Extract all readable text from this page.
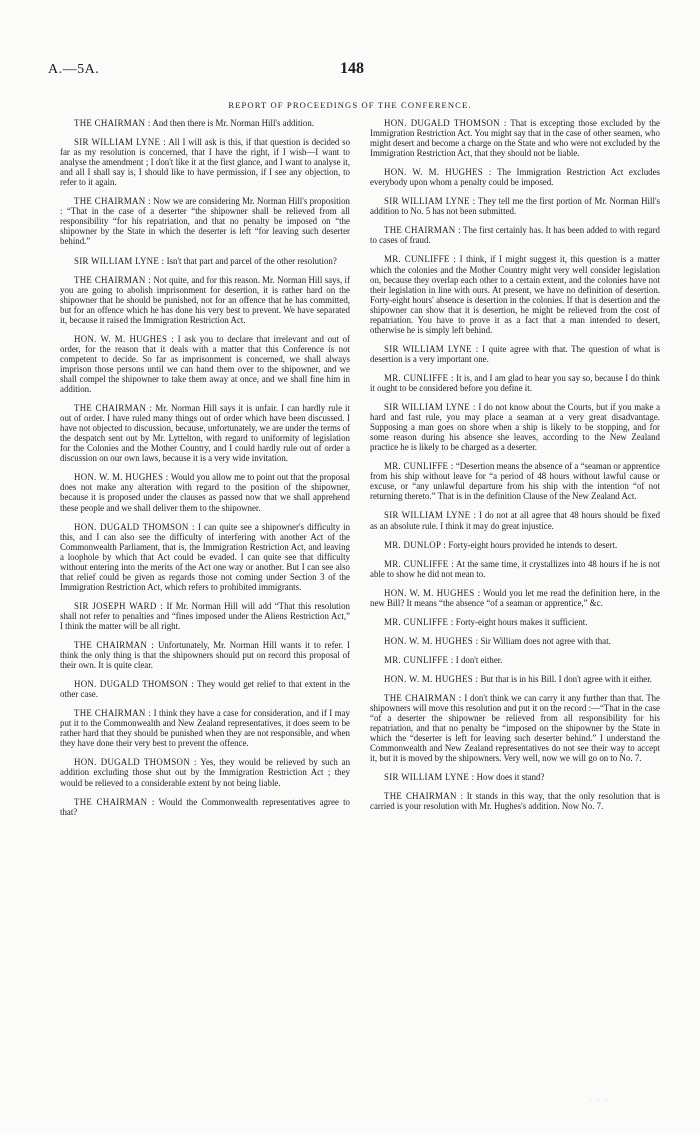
A.—5A.	148
REPORT OF PROCEEDINGS OF THE CONFERENCE.

THE CHAIRMAN : And then there is Mr. Norman Hill's addition.

SIR WILLIAM LYNE : All I will ask is this, if that question is decided so far as my resolution is concerned, that I have the right, if I wish—I want to analyse the amendment ; I don't like it at the first glance, and I want to analyse it, and all I shall say is, I should like to have permission, if I see any objection, to refer to it again.

THE CHAIRMAN : Now we are considering Mr. Norman Hill's proposition : “That in the case of a deserter “the shipowner shall be relieved from all responsibility “for his repatriation, and that no penalty be imposed on “the shipowner by the State in which the deserter is left “for leaving such deserter behind.”

SIR WILLIAM LYNE : Isn't that part and parcel of the other resolution?

THE CHAIRMAN : Not quite, and for this reason. Mr. Norman Hill says, if you are going to abolish imprisonment for desertion, it is rather hard on the shipowner that he should be punished, not for an offence that he has committed, but for an offence which he has done his very best to prevent. We have separated it, because it raised the Immigration Restriction Act.

HON. W. M. HUGHES : I ask you to declare that irrelevant and out of order, for the reason that it deals with a matter that this Conference is not competent to decide. So far as imprisonment is concerned, we shall always imprison those persons until we can hand them over to the shipowner, and we shall compel the shipowner to take them away at once, and we shall fine him in addition.

THE CHAIRMAN : Mr. Norman Hill says it is unfair. I can hardly rule it out of order. I have ruled many things out of order which have been discussed. I have not objected to discussion, because, unfortunately, we are under the terms of the despatch sent out by Mr. Lyttelton, with regard to uniformity of legislation for the Colonies and the Mother Country, and I could hardly rule out of order a discussion on our own laws, because it is a very wide invitation.

HON. W. M. HUGHES : Would you allow me to point out that the proposal does not make any alteration with regard to the position of the shipowner, because it is proposed under the clauses as passed now that we shall apprehend these people and we shall deliver them to the shipowner.

HON. DUGALD THOMSON : I can quite see a shipowner's difficulty in this, and I can also see the difficulty of interfering with another Act of the Commonwealth Parliament, that is, the Immigration Restriction Act, and leaving a loophole by which that Act could be evaded. I can quite see that difficulty without entering into the merits of the Act one way or another. But I can see also that relief could be given as regards those not coming under Section 3 of the Immigration Restriction Act, which refers to prohibited immigrants.

SIR JOSEPH WARD : If Mr. Norman Hill will add “That this resolution shall not refer to penalties and “fines imposed under the Aliens Restriction Act,” I think the matter will be all right.

THE CHAIRMAN : Unfortunately, Mr. Norman Hill wants it to refer. I think the only thing is that the shipowners should put on record this proposal of their own. It is quite clear.

HON. DUGALD THOMSON : They would get relief to that extent in the other case.

THE CHAIRMAN : I think they have a case for consideration, and if I may put it to the Commonwealth and New Zealand representatives, it does seem to be rather hard that they should be punished when they are not responsible, and when they have done their very best to prevent the offence.

HON. DUGALD THOMSON : Yes, they would be relieved by such an addition excluding those shut out by the Immigration Restriction Act ; they would be relieved to a considerable extent by not being liable.

THE CHAIRMAN : Would the Commonwealth representatives agree to that?

HON. DUGALD THOMSON : That is excepting those excluded by the Immigration Restriction Act. You might say that in the case of other seamen, who might desert and become a charge on the State and who were not excluded by the Immigration Restriction Act, that they should not be liable.

HON. W. M. HUGHES : The Immigration Restriction Act excludes everybody upon whom a penalty could be imposed.

SIR WILLIAM LYNE : They tell me the first portion of Mr. Norman Hill's addition to No. 5 has not been submitted.

THE CHAIRMAN : The first certainly has. It has been added to with regard to cases of fraud.

MR. CUNLIFFE : I think, if I might suggest it, this question is a matter which the colonies and the Mother Country might very well consider legislation on, because they overlap each other to a certain extent, and the colonies have not their legislation in line with ours. At present, we have no definition of desertion. Forty-eight hours' absence is desertion in the colonies. If that is desertion and the shipowner can show that it is desertion, he might be relieved from the cost of repatriation. You have to prove it as a fact that a man intended to desert, otherwise he is simply left behind.

SIR WILLIAM LYNE : I quite agree with that. The question of what is desertion is a very important one.

MR. CUNLIFFE : It is, and I am glad to hear you say so, because I do think it ought to be considered before you define it.

SIR WILLIAM LYNE : I do not know about the Courts, but if you make a hard and fast rule, you may place a seaman at a very great disadvantage. Supposing a man goes on shore when a ship is likely to be stopping, and for some reason during his absence she leaves, according to the New Zealand practice he is likely to be charged as a deserter.

MR. CUNLIFFE : “Desertion means the absence of a “seaman or apprentice from his ship without leave for “a period of 48 hours without lawful cause or excuse, or “any unlawful departure from his ship with the intention “of not returning thereto.” That is in the definition Clause of the New Zealand Act.

SIR WILLIAM LYNE : I do not at all agree that 48 hours should be fixed as an absolute rule. I think it may do great injustice.

MR. DUNLOP : Forty-eight hours provided he intends to desert.

MR. CUNLIFFE : At the same time, it crystallizes into 48 hours if he is not able to show he did not mean to.

HON. W. M. HUGHES : Would you let me read the definition here, in the new Bill? It means “the absence “of a seaman or apprentice,” &c.

MR. CUNLIFFE : Forty-eight hours makes it sufficient.

HON. W. M. HUGHES : Sir William does not agree with that.

MR. CUNLIFFE : I don't either.

HON. W. M. HUGHES : But that is in his Bill. I don't agree with it either.

THE CHAIRMAN : I don't think we can carry it any further than that. The shipowners will move this resolution and put it on the record :—“That in the case “of a deserter the shipowner be relieved from all responsibility for his repatriation, and that no penalty be “imposed on the shipowner by the State in which the “deserter is left for leaving such deserter behind.” I understand the Commonwealth and New Zealand representatives do not see their way to accept it, but it is moved by the shipowners. Very well, now we will go on to No. 7.

SIR WILLIAM LYNE : How does it stand?

THE CHAIRMAN : It stands in this way, that the only resolution that is carried is your resolution with Mr. Hughes's addition. Now No. 7.

· · ·
